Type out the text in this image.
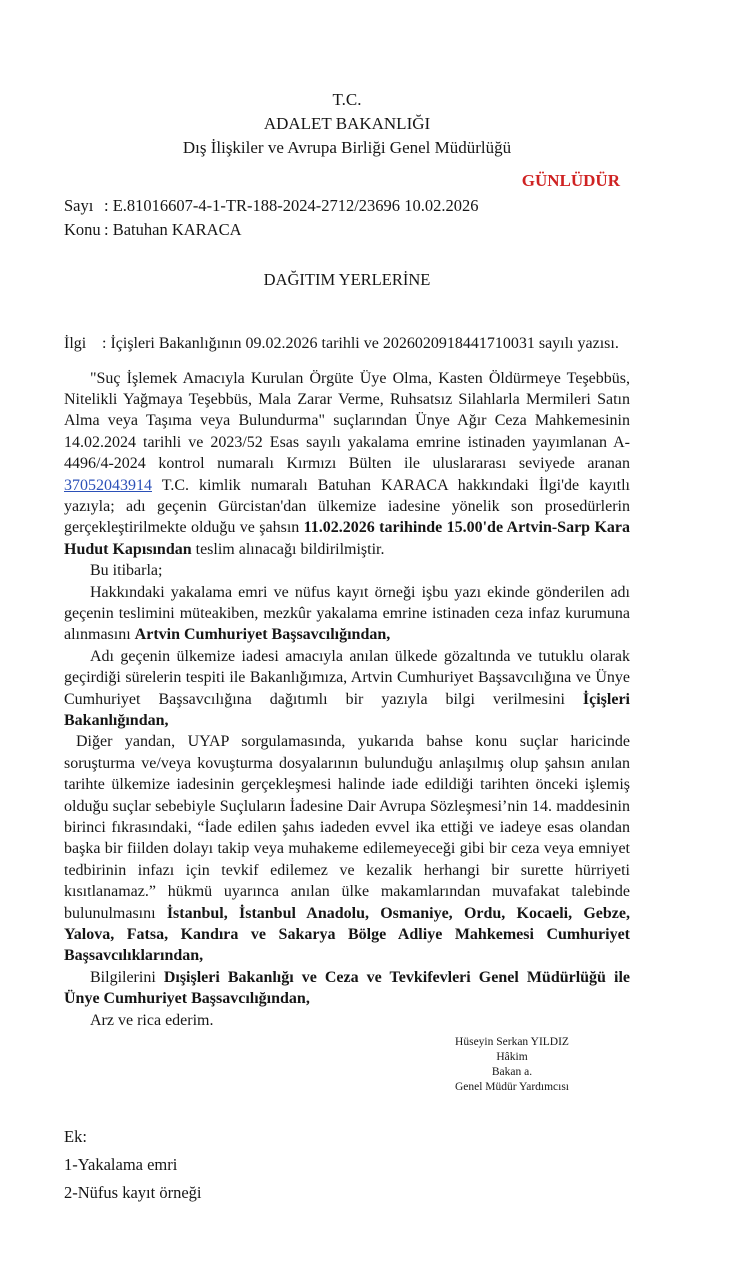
T.C.
ADALET BAKANLIĞI
Dış İlişkiler ve Avrupa Birliği Genel Müdürlüğü
GÜNLÜDÜR
Sayı : E.81016607-4-1-TR-188-2024-2712/23696 10.02.2026
Konu : Batuhan KARACA
DAĞITIM YERLERİNE

İlgi : İçişleri Bakanlığının 09.02.2026 tarihli ve 2026020918441710031 sayılı yazısı.

"Suç İşlemek Amacıyla Kurulan Örgüte Üye Olma, Kasten Öldürmeye Teşebbüs, Nitelikli Yağmaya Teşebbüs, Mala Zarar Verme, Ruhsatsız Silahlarla Mermileri Satın Alma veya Taşıma veya Bulundurma" suçlarından Ünye Ağır Ceza Mahkemesinin 14.02.2024 tarihli ve 2023/52 Esas sayılı yakalama emrine istinaden yayımlanan A-4496/4-2024 kontrol numaralı Kırmızı Bülten ile uluslararası seviyede aranan 37052043914 T.C. kimlik numaralı Batuhan KARACA hakkındaki İlgi'de kayıtlı yazıyla; adı geçenin Gürcistan'dan ülkemize iadesine yönelik son prosedürlerin gerçekleştirilmekte olduğu ve şahsın 11.02.2026 tarihinde 15.00'de Artvin-Sarp Kara Hudut Kapısından teslim alınacağı bildirilmiştir.

Bu itibarla;

Hakkındaki yakalama emri ve nüfus kayıt örneği işbu yazı ekinde gönderilen adı geçenin teslimini müteakiben, mezkûr yakalama emrine istinaden ceza infaz kurumuna alınmasını Artvin Cumhuriyet Başsavcılığından,

Adı geçenin ülkemize iadesi amacıyla anılan ülkede gözaltında ve tutuklu olarak geçirdiği sürelerin tespiti ile Bakanlığımıza, Artvin Cumhuriyet Başsavcılığına ve Ünye Cumhuriyet Başsavcılığına dağıtımlı bir yazıyla bilgi verilmesini İçişleri Bakanlığından,

Diğer yandan, UYAP sorgulamasında, yukarıda bahse konu suçlar haricinde soruşturma ve/veya kovuşturma dosyalarının bulunduğu anlaşılmış olup şahsın anılan tarihte ülkemize iadesinin gerçekleşmesi halinde iade edildiği tarihten önceki işlemiş olduğu suçlar sebebiyle Suçluların İadesine Dair Avrupa Sözleşmesi’nin 14. maddesinin birinci fıkrasındaki, “İade edilen şahıs iadeden evvel ika ettiği ve iadeye esas olandan başka bir fiilden dolayı takip veya muhakeme edilemeyeceği gibi bir ceza veya emniyet tedbirinin infazı için tevkif edilemez ve kezalik herhangi bir surette hürriyeti kısıtlanamaz.” hükmü uyarınca anılan ülke makamlarından muvafakat talebinde bulunulmasını İstanbul, İstanbul Anadolu, Osmaniye, Ordu, Kocaeli, Gebze, Yalova, Fatsa, Kandıra ve Sakarya Bölge Adliye Mahkemesi Cumhuriyet Başsavcılıklarından,

Bilgilerini Dışişleri Bakanlığı ve Ceza ve Tevkifevleri Genel Müdürlüğü ile Ünye Cumhuriyet Başsavcılığından,

Arz ve rica ederim.

Hüseyin Serkan YILDIZ
Hâkim
Bakan a.
Genel Müdür Yardımcısı
Ek:
1-Yakalama emri
2-Nüfus kayıt örneği
